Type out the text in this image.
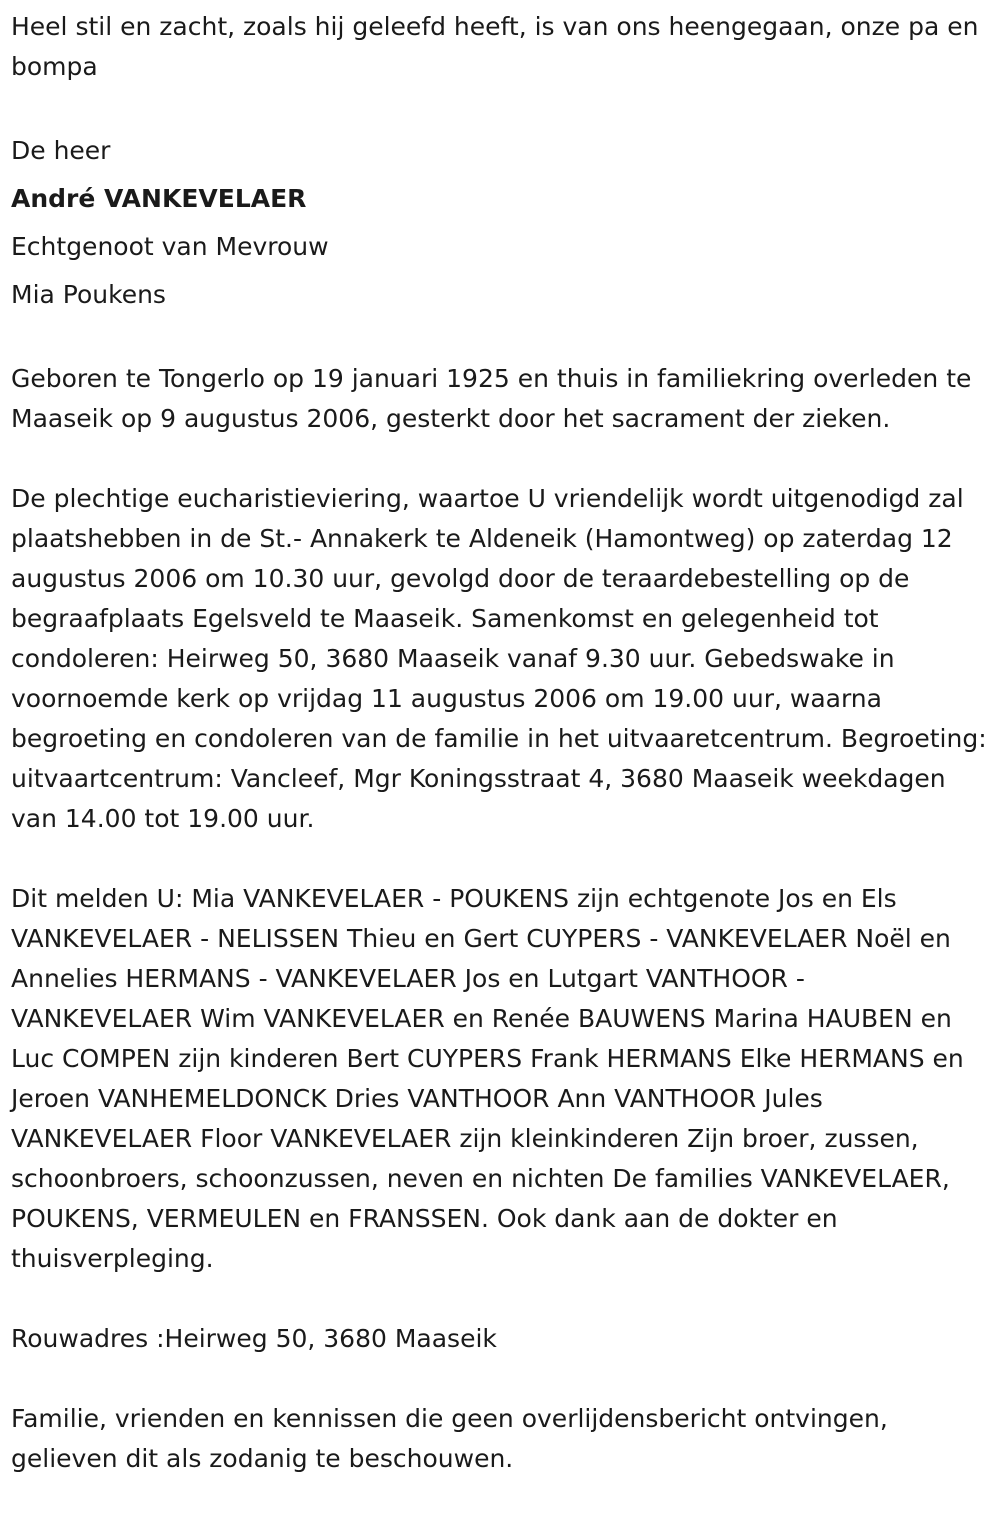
Heel stil en zacht, zoals hij geleefd heeft, is van ons heengegaan, onze pa en bompa

De heer

André VANKEVELAER

Echtgenoot van Mevrouw

Mia Poukens

Geboren te Tongerlo op 19 januari 1925 en thuis in familiekring overleden te Maaseik op 9 augustus 2006, gesterkt door het sacrament der zieken.

De plechtige eucharistieviering, waartoe U vriendelijk wordt uitgenodigd zal plaatshebben in de St.- Annakerk te Aldeneik (Hamontweg) op zaterdag 12 augustus 2006 om 10.30 uur, gevolgd door de teraardebestelling op de begraafplaats Egelsveld te Maaseik. Samenkomst en gelegenheid tot condoleren: Heirweg 50, 3680 Maaseik vanaf 9.30 uur. Gebedswake in voornoemde kerk op vrijdag 11 augustus 2006 om 19.00 uur, waarna begroeting en condoleren van de familie in het uitvaaretcentrum. Begroeting: uitvaartcentrum: Vancleef, Mgr Koningsstraat 4, 3680 Maaseik weekdagen van 14.00 tot 19.00 uur.

Dit melden U: Mia VANKEVELAER - POUKENS zijn echtgenote Jos en Els VANKEVELAER - NELISSEN Thieu en Gert CUYPERS - VANKEVELAER Noël en Annelies HERMANS - VANKEVELAER Jos en Lutgart VANTHOOR - VANKEVELAER Wim VANKEVELAER en Renée BAUWENS Marina HAUBEN en Luc COMPEN zijn kinderen Bert CUYPERS Frank HERMANS Elke HERMANS en Jeroen VANHEMELDONCK Dries VANTHOOR Ann VANTHOOR Jules VANKEVELAER Floor VANKEVELAER zijn kleinkinderen Zijn broer, zussen, schoonbroers, schoonzussen, neven en nichten De families VANKEVELAER, POUKENS, VERMEULEN en FRANSSEN. Ook dank aan de dokter en thuisverpleging.

Rouwadres :Heirweg 50, 3680 Maaseik

Familie, vrienden en kennissen die geen overlijdensbericht ontvingen, gelieven dit als zodanig te beschouwen.
